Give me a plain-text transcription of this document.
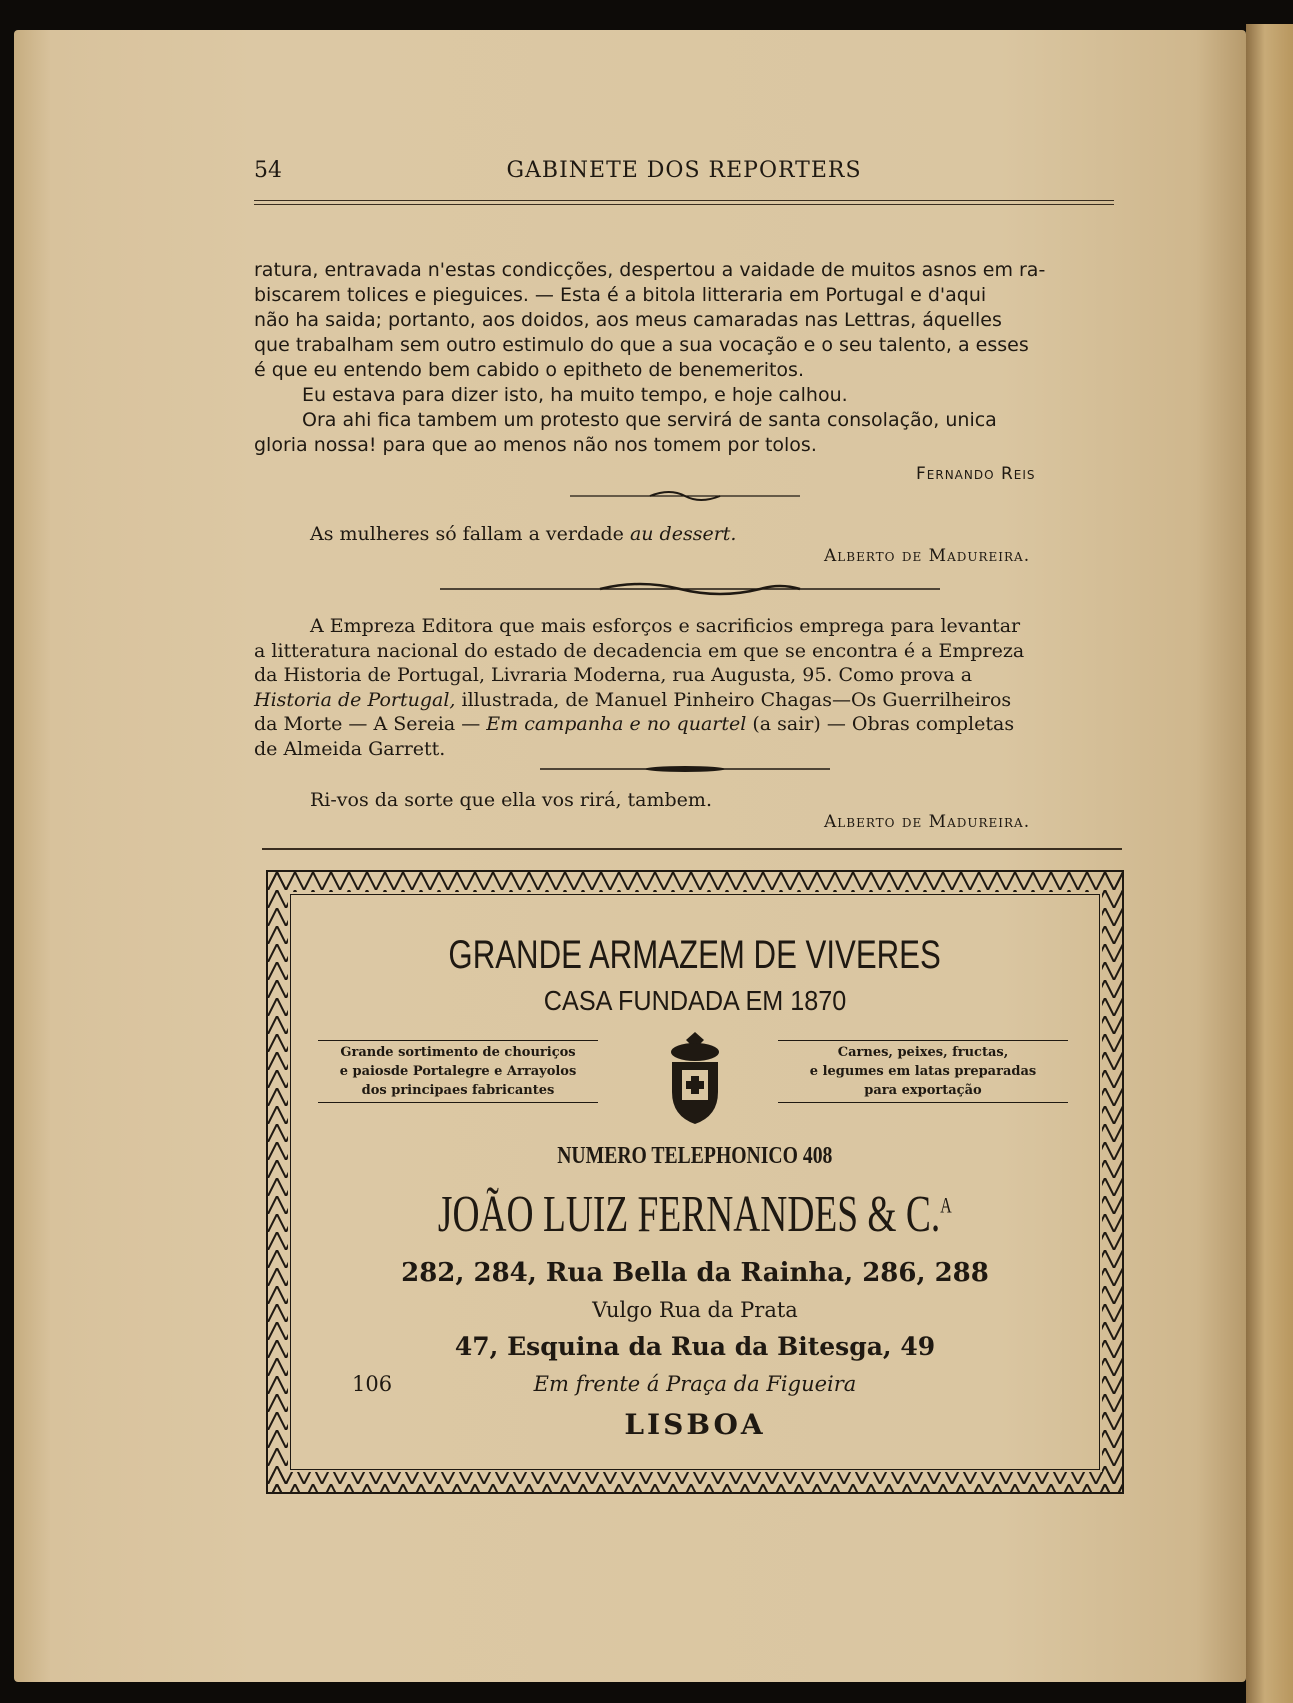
54	GABINETE DOS REPORTERS
ratura, entravada n'estas condicções, despertou a vaidade de muitos asnos em ra-
biscarem tolices e pieguices. — Esta é a bitola litteraria em Portugal e d'aqui
não ha saida; portanto, aos doidos, aos meus camaradas nas Lettras, áquelles
que trabalham sem outro estimulo do que a sua vocação e o seu talento, a esses
é que eu entendo bem cabido o epitheto de benemeritos.
Eu estava para dizer isto, ha muito tempo, e hoje calhou.
Ora ahi fica tambem um protesto que servirá de santa consolação, unica
gloria nossa! para que ao menos não nos tomem por tolos.
Fernando Reis
As mulheres só fallam a verdade au dessert.
Alberto de Madureira.
A Empreza Editora que mais esforços e sacrificios emprega para levantar
a litteratura nacional do estado de decadencia em que se encontra é a Empreza
da Historia de Portugal, Livraria Moderna, rua Augusta, 95. Como prova a
Historia de Portugal, illustrada, de Manuel Pinheiro Chagas—Os Guerrilheiros
da Morte — A Sereia — Em campanha e no quartel (a sair) — Obras completas
de Almeida Garrett.
Ri-vos da sorte que ella vos rirá, tambem.
Alberto de Madureira.
GRANDE ARMAZEM DE VIVERES
CASA FUNDADA EM 1870
Grande sortimento de chouriços
e paiosde Portalegre e Arrayolos
dos principaes fabricantes
Carnes, peixes, fructas,
e legumes em latas preparadas
para exportação
NUMERO TELEPHONICO 408
JOÃO LUIZ FERNANDES & C.$^A$
282, 284, Rua Bella da Rainha, 286, 288
Vulgo Rua da Prata
47, Esquina da Rua da Bitesga, 49
106	Em frente á Praça da Figueira
LISBOA
